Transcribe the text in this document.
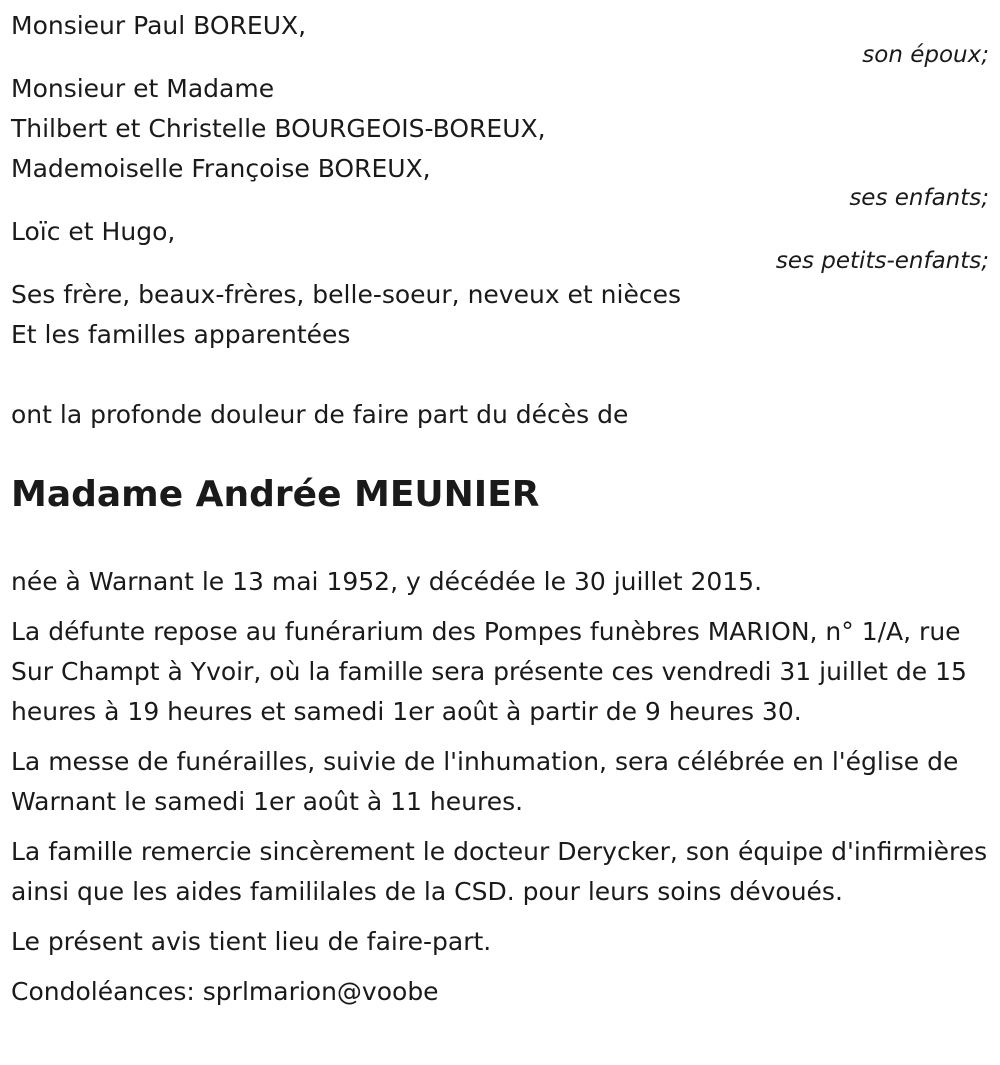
Monsieur Paul BOREUX,
son époux;
Monsieur et Madame
Thilbert et Christelle BOURGEOIS-BOREUX,
Mademoiselle Françoise BOREUX,
ses enfants;
Loïc et Hugo,
ses petits-enfants;
Ses frère, beaux-frères, belle-soeur, neveux et nièces
Et les familles apparentées
ont la profonde douleur de faire part du décès de
Madame Andrée MEUNIER

née à Warnant le 13 mai 1952, y décédée le 30 juillet 2015.

La défunte repose au funérarium des Pompes funèbres MARION, n° 1/A, rue Sur Champt à Yvoir, où la famille sera présente ces vendredi 31 juillet de 15 heures à 19 heures et samedi 1er août à partir de 9 heures 30.

La messe de funérailles, suivie de l'inhumation, sera célébrée en l'église de Warnant le samedi 1er août à 11 heures.

La famille remercie sincèrement le docteur Derycker, son équipe d'infirmières ainsi que les aides famililales de la CSD. pour leurs soins dévoués.

Le présent avis tient lieu de faire-part.

Condoléances: sprlmarion@voobe
